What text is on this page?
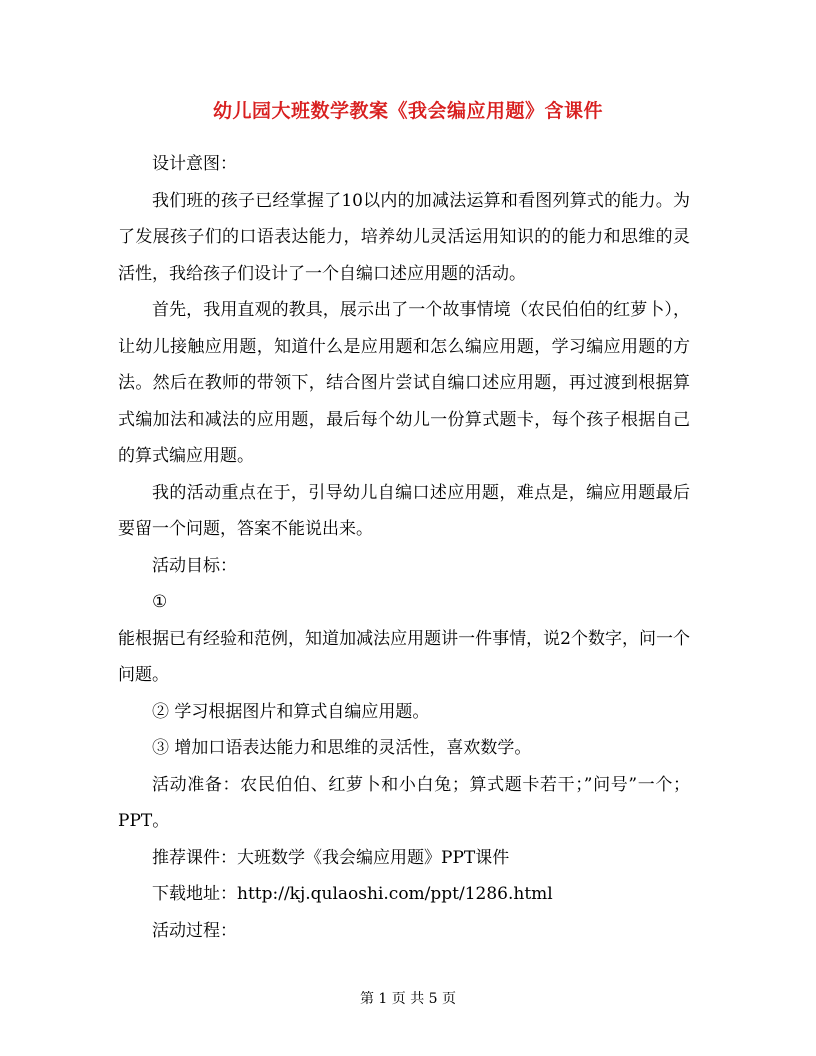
幼儿园大班数学教案《我会编应用题》含课件

设计意图：

我们班的孩子已经掌握了10以内的加减法运算和看图列算式的能力。为了发展孩子们的口语表达能力，培养幼儿灵活运用知识的的能力和思维的灵活性，我给孩子们设计了一个自编口述应用题的活动。

首先，我用直观的教具，展示出了一个故事情境（农民伯伯的红萝卜），让幼儿接触应用题，知道什么是应用题和怎么编应用题，学习编应用题的方法。然后在教师的带领下，结合图片尝试自编口述应用题，再过渡到根据算式编加法和减法的应用题，最后每个幼儿一份算式题卡，每个孩子根据自己的算式编应用题。

我的活动重点在于，引导幼儿自编口述应用题，难点是，编应用题最后要留一个问题，答案不能说出来。

活动目标：

①

能根据已有经验和范例，知道加减法应用题讲一件事情，说2个数字，问一个问题。

② 学习根据图片和算式自编应用题。

③ 增加口语表达能力和思维的灵活性，喜欢数学。

活动准备：农民伯伯、红萝卜和小白兔；算式题卡若干；”问号”一个；PPT。

推荐课件：大班数学《我会编应用题》PPT课件

下载地址：http://kj.qulaoshi.com/ppt/1286.html

活动过程：

第 1 页 共 5 页
